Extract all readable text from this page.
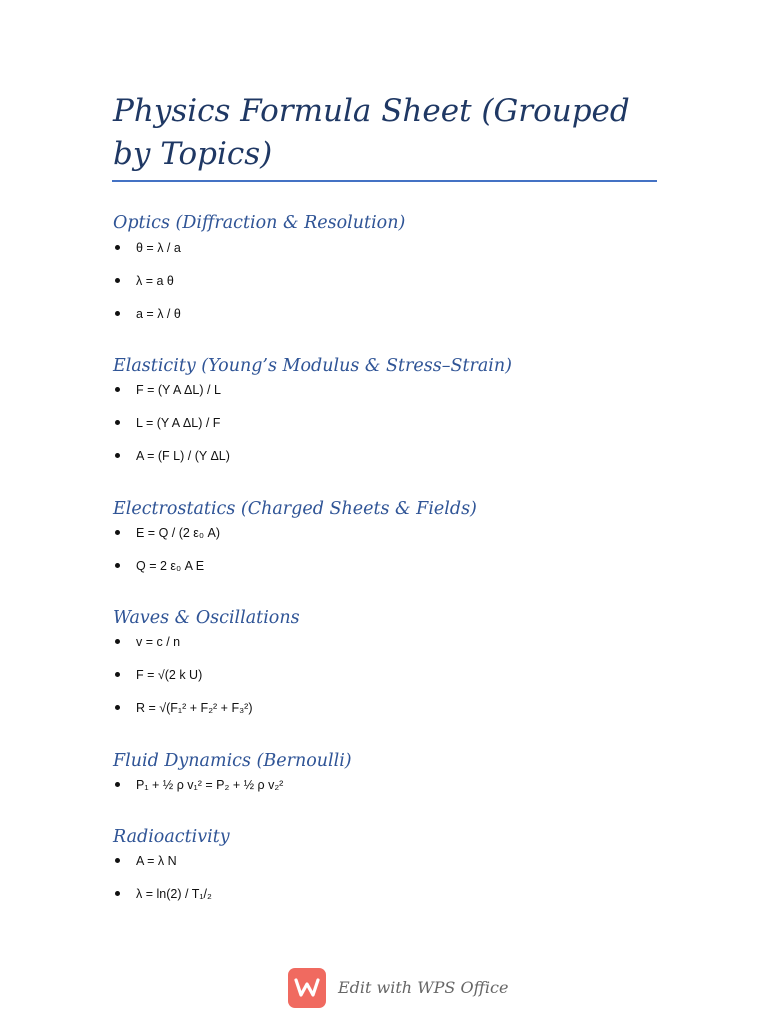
Physics Formula Sheet (Grouped by Topics)
Optics (Diffraction & Resolution)
θ = λ / a
λ = a θ
a = λ / θ
Elasticity (Young’s Modulus & Stress–Strain)
F = (Y A ΔL) / L
L = (Y A ΔL) / F
A = (F L) / (Y ΔL)
Electrostatics (Charged Sheets & Fields)
E = Q / (2 ε₀ A)
Q = 2 ε₀ A E
Waves & Oscillations
v = c / n
F = √(2 k U)
R = √(F₁² + F₂² + F₃²)
Fluid Dynamics (Bernoulli)
P₁ + ½ ρ v₁² = P₂ + ½ ρ v₂²
Radioactivity
A = λ N
λ = ln(2) / T₁/₂
Edit with WPS Office
